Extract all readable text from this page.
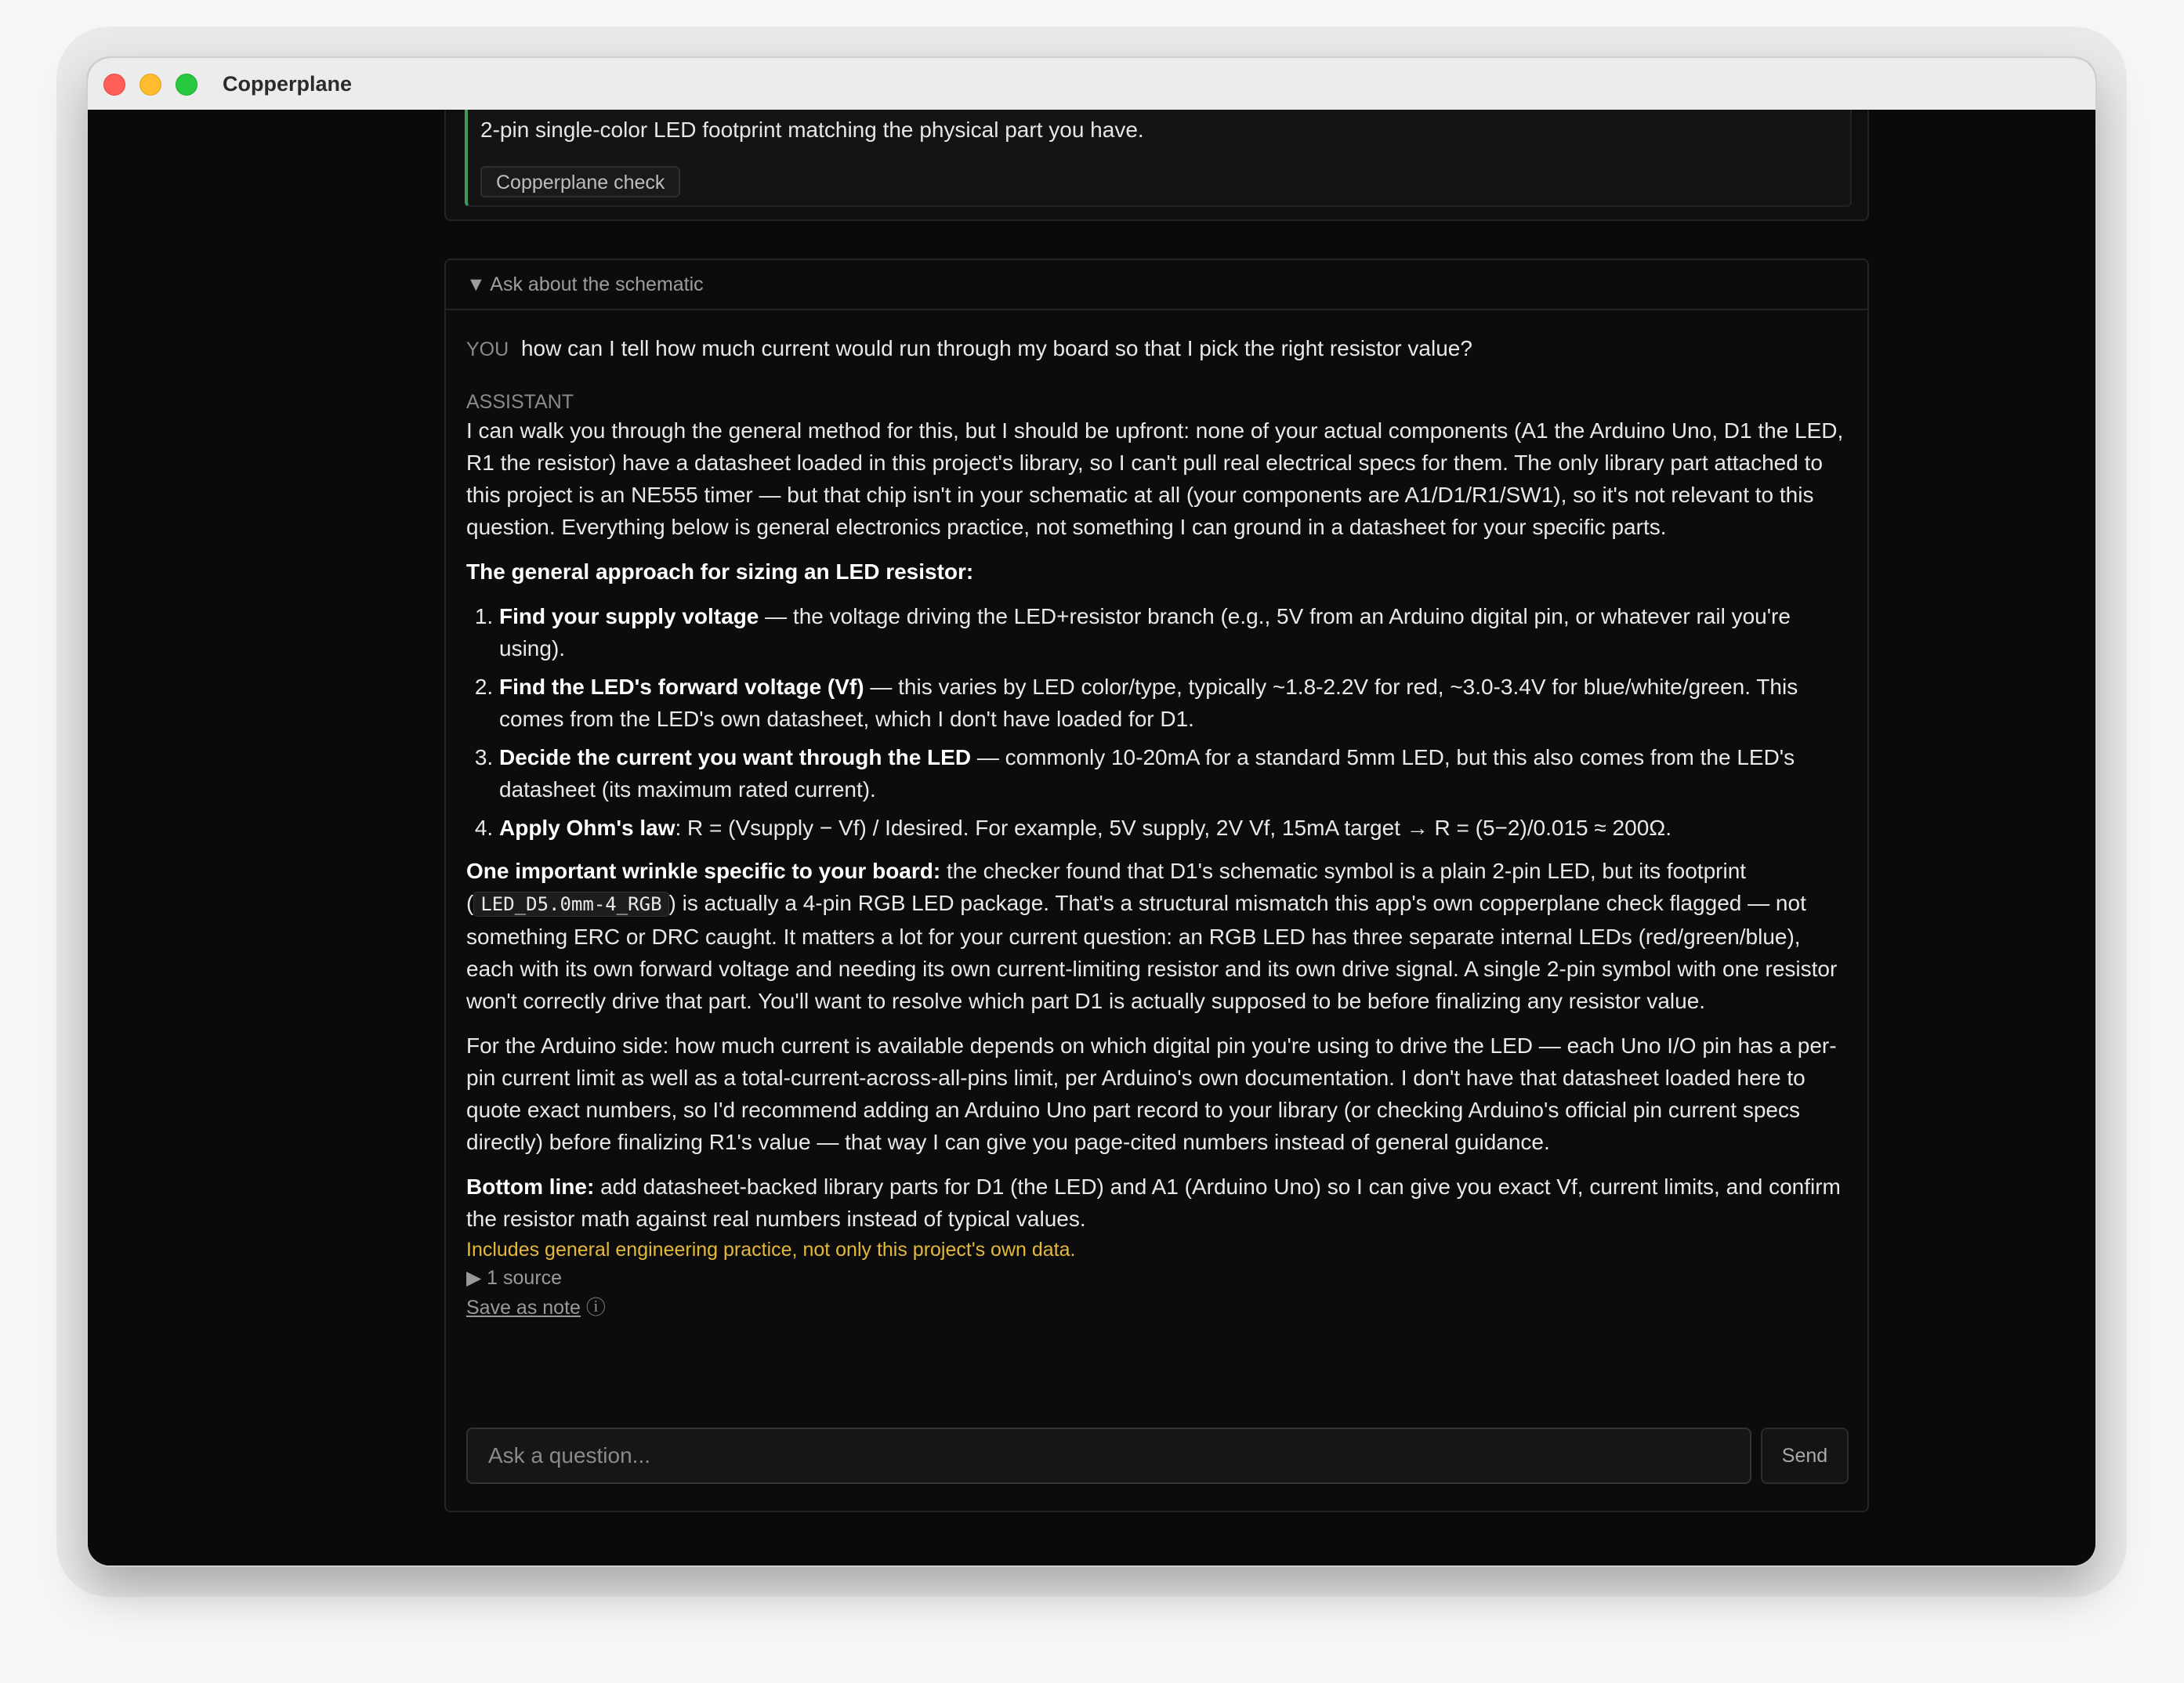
Copperplane
2-pin single-color LED footprint matching the physical part you have.
Copperplane check
▼ Ask about the schematic
YOU how can I tell how much current would run through my board so that I pick the right resistor value?
ASSISTANT

I can walk you through the general method for this, but I should be upfront: none of your actual components (A1 the Arduino Uno, D1 the LED, R1 the resistor) have a datasheet loaded in this project's library, so I can't pull real electrical specs for them. The only library part attached to this project is an NE555 timer — but that chip isn't in your schematic at all (your components are A1/D1/R1/SW1), so it's not relevant to this question. Everything below is general electronics practice, not something I can ground in a datasheet for your specific parts.

The general approach for sizing an LED resistor:

1. Find your supply voltage — the voltage driving the LED+resistor branch (e.g., 5V from an Arduino digital pin, or whatever rail you're using).
2. Find the LED's forward voltage (Vf) — this varies by LED color/type, typically ~1.8-2.2V for red, ~3.0-3.4V for blue/white/green. This comes from the LED's own datasheet, which I don't have loaded for D1.
3. Decide the current you want through the LED — commonly 10-20mA for a standard 5mm LED, but this also comes from the LED's datasheet (its maximum rated current).
4. Apply Ohm's law: R = (Vsupply − Vf) / Idesired. For example, 5V supply, 2V Vf, 15mA target → R = (5−2)/0.015 ≈ 200Ω.

One important wrinkle specific to your board: the checker found that D1's schematic symbol is a plain 2-pin LED, but its footprint ( LED_D5.0mm-4_RGB ) is actually a 4-pin RGB LED package. That's a structural mismatch this app's own copperplane check flagged — not something ERC or DRC caught. It matters a lot for your current question: an RGB LED has three separate internal LEDs (red/green/blue), each with its own forward voltage and needing its own current-limiting resistor and its own drive signal. A single 2-pin symbol with one resistor won't correctly drive that part. You'll want to resolve which part D1 is actually supposed to be before finalizing any resistor value.

For the Arduino side: how much current is available depends on which digital pin you're using to drive the LED — each Uno I/O pin has a per-pin current limit as well as a total-current-across-all-pins limit, per Arduino's own documentation. I don't have that datasheet loaded here to quote exact numbers, so I'd recommend adding an Arduino Uno part record to your library (or checking Arduino's official pin current specs directly) before finalizing R1's value — that way I can give you page-cited numbers instead of general guidance.

Bottom line: add datasheet-backed library parts for D1 (the LED) and A1 (Arduino Uno) so I can give you exact Vf, current limits, and confirm the resistor math against real numbers instead of typical values.

Includes general engineering practice, not only this project's own data.
▶ 1 source
Save as note ⓘ
Ask a question...
Send
